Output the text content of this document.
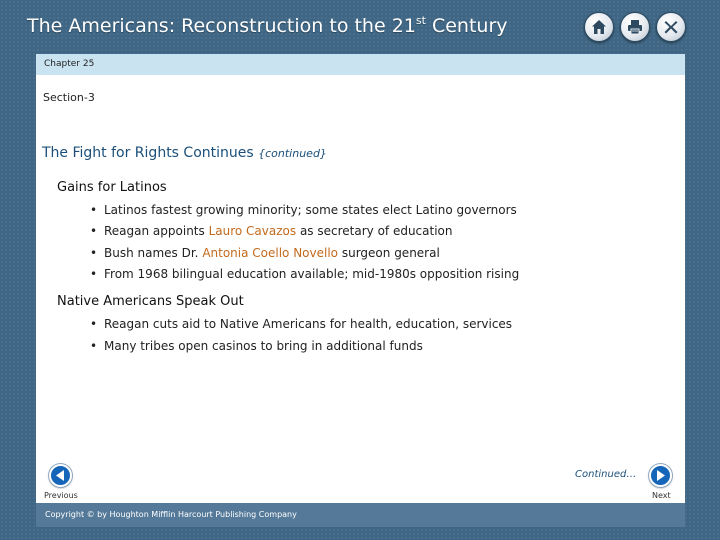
The Americans: Reconstruction to the 21st Century
Chapter 25
Section-3
The Fight for Rights Continues {continued}
Gains for Latinos
• Latinos fastest growing minority; some states elect Latino governors
• Reagan appoints Lauro Cavazos as secretary of education
• Bush names Dr. Antonia Coello Novello surgeon general
• From 1968 bilingual education available; mid-1980s opposition rising
Native Americans Speak Out
• Reagan cuts aid to Native Americans for health, education, services
• Many tribes open casinos to bring in additional funds
Previous
Continued…
Next
Copyright © by Houghton Mifflin Harcourt Publishing Company
